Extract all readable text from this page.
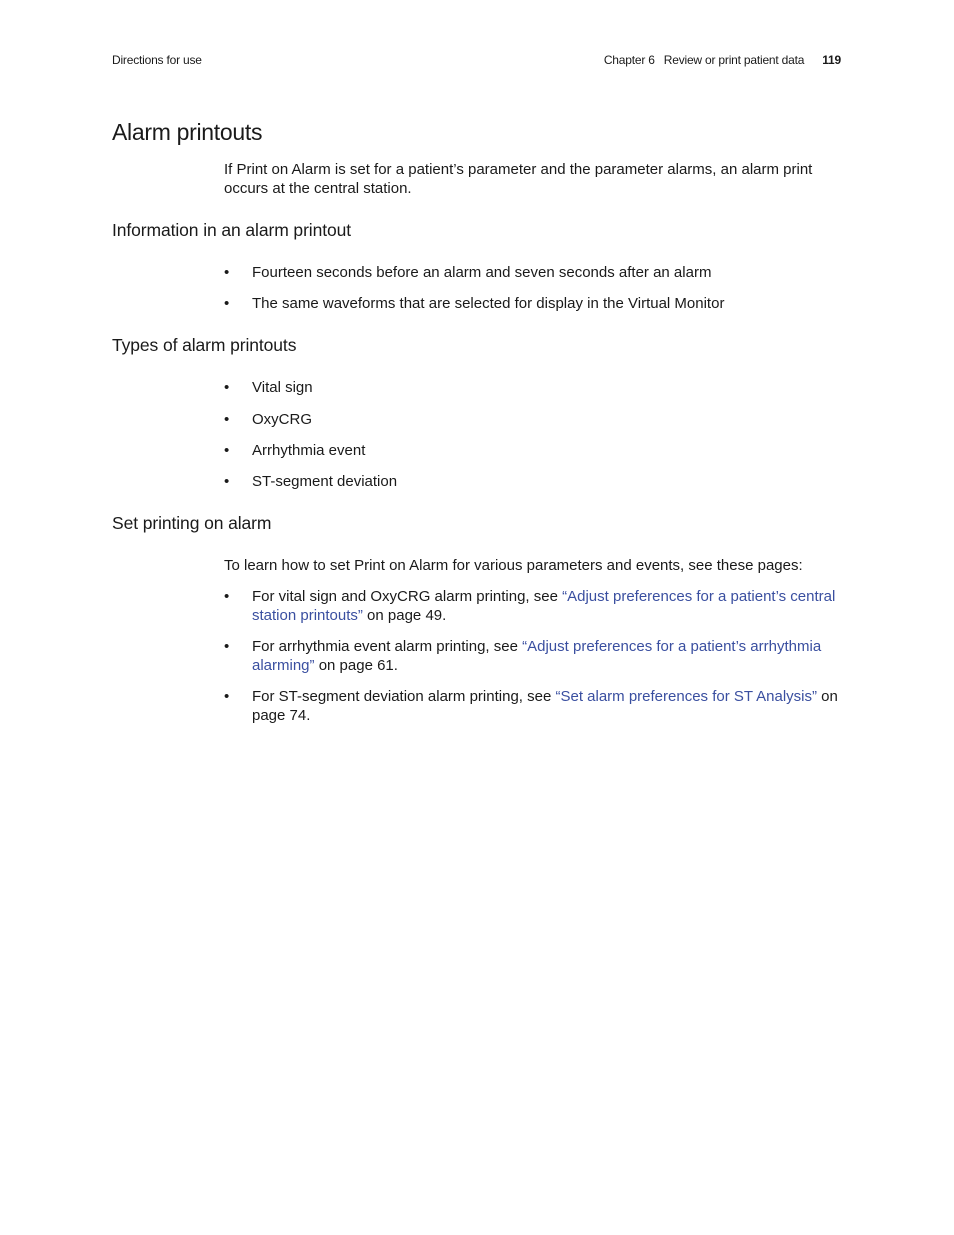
Directions for use	Chapter 6 Review or print patient data 119
Alarm printouts

If Print on Alarm is set for a patient’s parameter and the parameter alarms, an alarm print occurs at the central station.

Information in an alarm printout
• Fourteen seconds before an alarm and seven seconds after an alarm
• The same waveforms that are selected for display in the Virtual Monitor
Types of alarm printouts
• Vital sign
• OxyCRG
• Arrhythmia event
• ST-segment deviation
Set printing on alarm

To learn how to set Print on Alarm for various parameters and events, see these pages:

• For vital sign and OxyCRG alarm printing, see “Adjust preferences for a patient’s central station printouts” on page 49.
• For arrhythmia event alarm printing, see “Adjust preferences for a patient’s arrhythmia alarming” on page 61.
• For ST-segment deviation alarm printing, see “Set alarm preferences for ST Analysis” on page 74.
